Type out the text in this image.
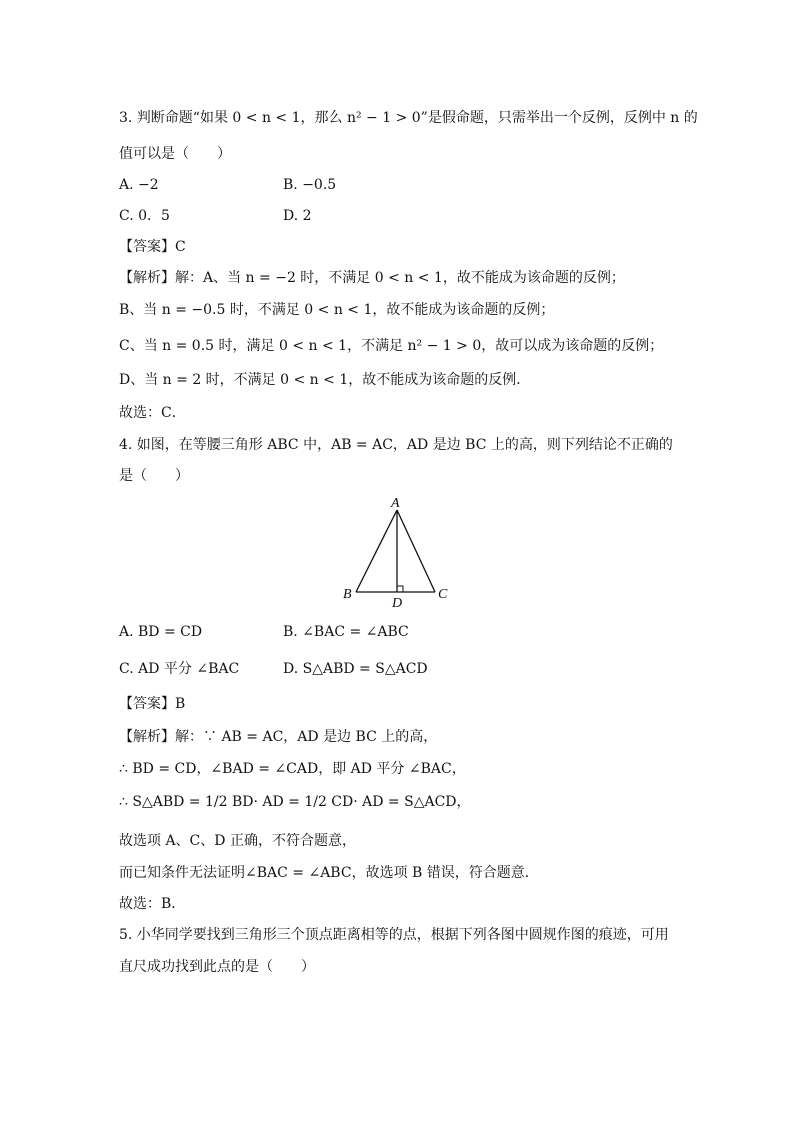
3. 判断命题“如果 0 < n < 1，那么 n² − 1 > 0”是假命题，只需举出一个反例，反例中 n 的
值可以是（　　）
A. −2	B. −0.5
C. 0．5	D. 2
【答案】C
【解析】解：A、当 n = −2 时，不满足 0 < n < 1，故不能成为该命题的反例；
B、当 n = −0.5 时，不满足 0 < n < 1，故不能成为该命题的反例；
C、当 n = 0.5 时，满足 0 < n < 1，不满足 n² − 1 > 0，故可以成为该命题的反例；
D、当 n = 2 时，不满足 0 < n < 1，故不能成为该命题的反例．
故选：C．
4. 如图，在等腰三角形 ABC 中，AB = AC，AD 是边 BC 上的高，则下列结论不正确的
是（　　）
A
B	C
D
A. BD = CD	B. ∠BAC = ∠ABC
C. AD 平分 ∠BAC	D. S△ABD = S△ACD
【答案】B
【解析】解：∵ AB = AC，AD 是边 BC 上的高，
∴ BD = CD，∠BAD = ∠CAD，即 AD 平分 ∠BAC，
∴ S△ABD = 1/2 BD· AD = 1/2 CD· AD = S△ACD，
故选项 A、C、D 正确，不符合题意，
而已知条件无法证明∠BAC = ∠ABC，故选项 B 错误，符合题意．
故选：B．
5. 小华同学要找到三角形三个顶点距离相等的点，根据下列各图中圆规作图的痕迹，可用
直尺成功找到此点的是（　　）
